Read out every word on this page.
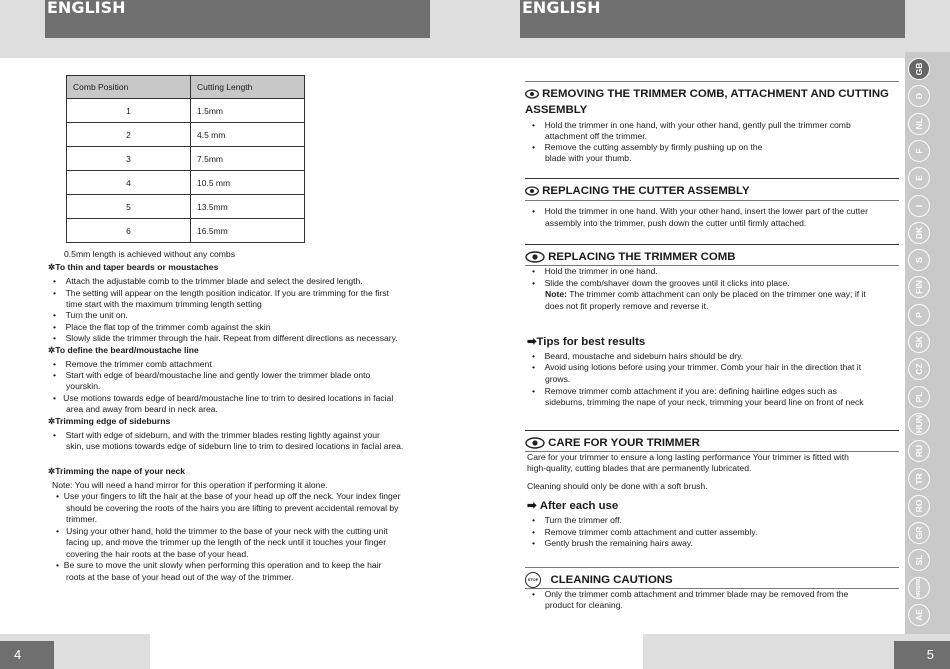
ENGLISH	ENGLISH
4	5
GB
D
NL
F
E
I
DK
S
FIN
P
SK
CZ
PL
HUN
RU
TR
RO
GR
SL
HR/SRB
AE
Comb Position	Cutting Length
1	1.5mm
2	4.5 mm
3	7.5mm
4	10.5 mm
5	13.5mm
6	16.5mm
0.5mm length is achieved without any combs
✲To thin and taper beards or moustaches
•    Attach the adjustable comb to the trimmer blade and select the desired length.
•    The setting will appear on the length position indicator. If you are trimming for the first
time start with the maximum trimming length setting
•    Turn the unit on.
•    Place the flat top of the trimmer comb against the skin
•    Slowly slide the trimmer through the hair. Repeat from different directions as necessary.
✲To define the beard/moustache line
•    Remove the trimmer comb attachment
•    Start with edge of beard/moustache line and gently lower the trimmer blade onto
yourskin.
•   Use motions towards edge of beard/moustache line to trim to desired locations in facial
area and away from beard in neck area.
✲Trimming edge of sideburns
•    Start with edge of sideburn, and with the trimmer blades resting lightly against your
skin, use motions towards edge of sideburn line to trim to desired locations in facial area.
✲Trimming the nape of your neck
Note: You will need a hand mirror for this operation if performing it alone.
•  Use your fingers to lift the hair at the base of your head up off the neck. Your index finger
should be covering the roots of the hairs you are lifting to prevent accidental removal by
trimmer.
•   Using your other hand, hold the trimmer to the base of your neck with the cutting unit
facing up, and move the trimmer up the length of the neck until it touches your finger
covering the hair roots at the base of your head.
•  Be sure to move the unit slowly when performing this operation and to keep the hair
roots at the base of your head out of the way of the trimmer.
REMOVING THE TRIMMER COMB, ATTACHMENT AND CUTTING
ASSEMBLY
•    Hold the trimmer in one hand, with your other hand, gently pull the trimmer comb
attachment off the trimmer.
•    Remove the cutting assembly by firmly pushing up on the
blade with your thumb.
REPLACING THE CUTTER ASSEMBLY
•    Hold the trimmer in one hand. With your other hand, insert the lower part of the cutter
assembly into the trimmer, push down the cutter until firmly attached.
REPLACING THE TRIMMER COMB
•    Hold the trimmer in one hand.
•    Slide the comb/shaver down the grooves until it clicks into place.
Note: The trimmer comb attachment can only be placed on the trimmer one way; if it
does not fit properly remove and reverse it.
➡Tips for best results
•    Beard, moustache and sideburn hairs should be dry.
•    Avoid using lotions before using your trimmer. Comb your hair in the direction that it
grows.
•    Remove trimmer comb attachment if you are: defining hairline edges such as
sideburns, trimming the nape of your neck, trimming your beard line on front of neck
CARE FOR YOUR TRIMMER
Care for your trimmer to ensure a long lasting performance Your trimmer is fitted with
high-quality, cutting blades that are permanently lubricated.
Cleaning should only be done with a soft brush.
➡ After each use
•    Turn the trimmer off.
•    Remove trimmer comb attachment and cutter assembly.
•    Gently brush the remaining hairs away.
STOP CLEANING CAUTIONS
•    Only the trimmer comb attachment and trimmer blade may be removed from the
product for cleaning.
